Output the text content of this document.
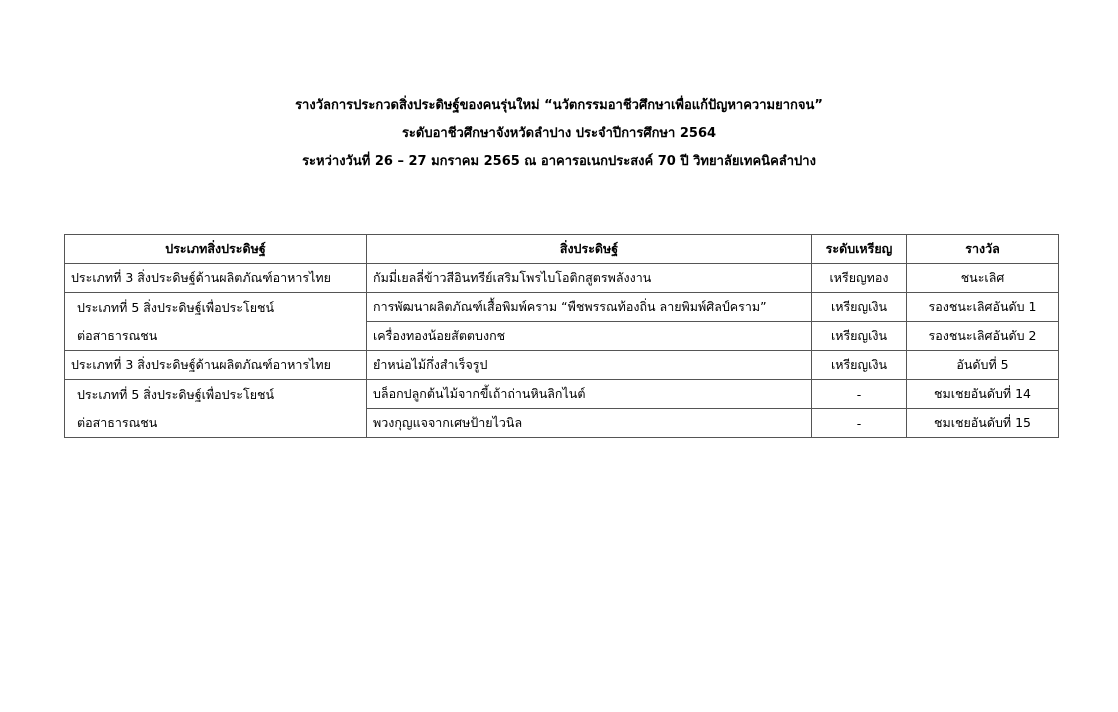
รางวัลการประกวดสิ่งประดิษฐ์ของคนรุ่นใหม่ “นวัตกรรมอาชีวศึกษาเพื่อแก้ปัญหาความยากจน”
ระดับอาชีวศึกษาจังหวัดลำปาง ประจำปีการศึกษา 2564
ระหว่างวันที่ 26 – 27 มกราคม 2565 ณ อาคารอเนกประสงค์ 70 ปี วิทยาลัยเทคนิคลำปาง
ประเภทสิ่งประดิษฐ์	สิ่งประดิษฐ์	ระดับเหรียญ	รางวัล
ประเภทที่ 3 สิ่งประดิษฐ์ด้านผลิตภัณฑ์อาหารไทย	กัมมี่เยลลี่ข้าวสีอินทรีย์เสริมโพรไบโอติกสูตรพลังงาน	เหรียญทอง	ชนะเลิศ

ประเภทที่ 5 สิ่งประดิษฐ์เพื่อประโยชน์
ต่อสาธารณชน	การพัฒนาผลิตภัณฑ์เสื้อพิมพ์คราม “พืชพรรณท้องถิ่น ลายพิมพ์ศิลป์คราม”	เหรียญเงิน	รองชนะเลิศอันดับ 1
	เครื่องทองน้อยสัตตบงกช	เหรียญเงิน	รองชนะเลิศอันดับ 2
ประเภทที่ 3 สิ่งประดิษฐ์ด้านผลิตภัณฑ์อาหารไทย	ยำหน่อไม้กึ่งสำเร็จรูป	เหรียญเงิน	อันดับที่ 5

ประเภทที่ 5 สิ่งประดิษฐ์เพื่อประโยชน์
ต่อสาธารณชน	บล็อกปลูกต้นไม้จากขี้เถ้าถ่านหินลิกไนต์	-	ชมเชยอันดับที่ 14
	พวงกุญแจจากเศษป้ายไวนิล	-	ชมเชยอันดับที่ 15
